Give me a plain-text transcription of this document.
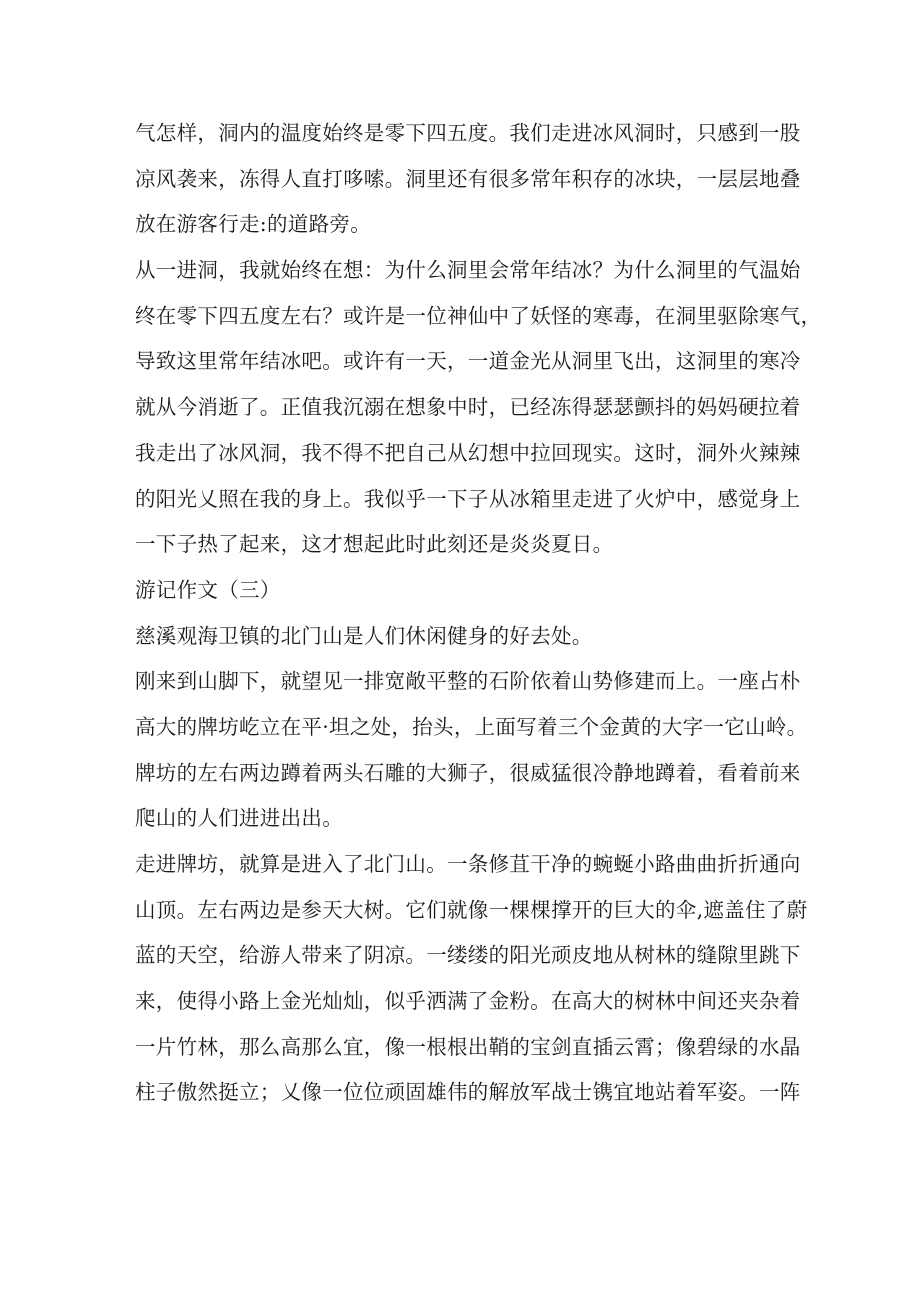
气怎样，洞内的温度始终是零下四五度。我们走进冰风洞时，只感到一股
凉风袭来，冻得人直打哆嗦。洞里还有很多常年积存的冰块，一层层地叠
放在游客行走:的道路旁。
从一进洞，我就始终在想：为什么洞里会常年结冰？为什么洞里的气温始
终在零下四五度左右？或许是一位神仙中了妖怪的寒毒，在洞里驱除寒气，
导致这里常年结冰吧。或许有一天，一道金光从洞里飞出，这洞里的寒冷
就从今消逝了。正值我沉溺在想象中时，已经冻得瑟瑟颤抖的妈妈硬拉着
我走出了冰风洞，我不得不把自己从幻想中拉回现实。这时，洞外火辣辣
的阳光乂照在我的身上。我似乎一下子从冰箱里走进了火炉中，感觉身上
一下子热了起来，这才想起此时此刻还是炎炎夏日。
游记作文（三）
慈溪观海卫镇的北门山是人们休闲健身的好去处。
刚来到山脚下，就望见一排宽敞平整的石阶依着山势修建而上。一座占朴
高大的牌坊屹立在平·坦之处，抬头，上面写着三个金黄的大字一它山岭。
牌坊的左右两边蹲着两头石雕的大狮子，很威猛很冷静地蹲着，看着前来
爬山的人们进进出出。
走进牌坊，就算是进入了北门山。一条修苴干净的蜿蜒小路曲曲折折通向
山顶。左右两边是参天大树。它们就像一棵棵撑开的巨大的伞,遮盖住了蔚
蓝的天空，给游人带来了阴凉。一缕缕的阳光顽皮地从树林的缝隙里跳下
来，使得小路上金光灿灿，似乎洒满了金粉。在高大的树林中间还夹杂着
一片竹林，那么高那么宜，像一根根出鞘的宝剑直插云霄；像碧绿的水晶
柱子傲然挺立；乂像一位位顽固雄伟的解放军战士镌宜地站着军姿。一阵
